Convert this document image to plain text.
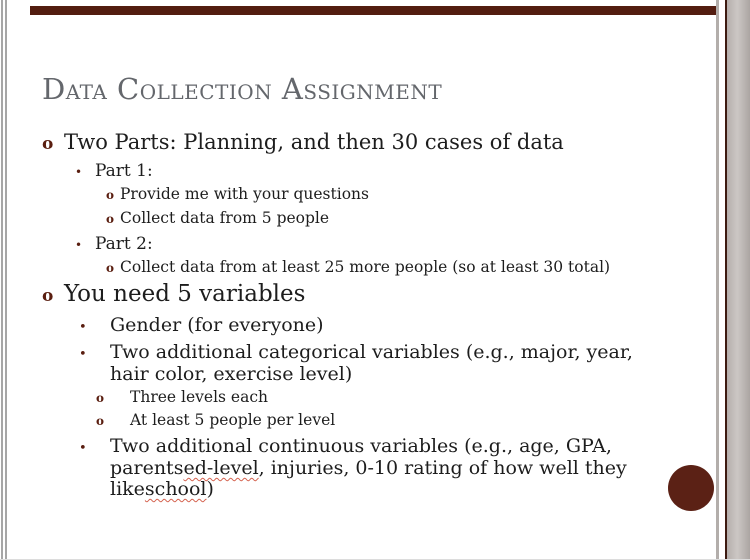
Data Collection Assignment
o Two Parts: Planning, and then 30 cases of data
• Part 1:
o Provide me with your questions
o Collect data from 5 people
• Part 2:
o Collect data from at least 25 more people (so at least 30 total)
o You need 5 variables
•	Gender (for everyone)
•	Two additional categorical variables (e.g., major, year,
hair color, exercise level)
o	Three levels each
o	At least 5 people per level
•	Two additional continuous variables (e.g., age, GPA,
parents ed-level , injuries, 0-10 rating of how well they
like school )
